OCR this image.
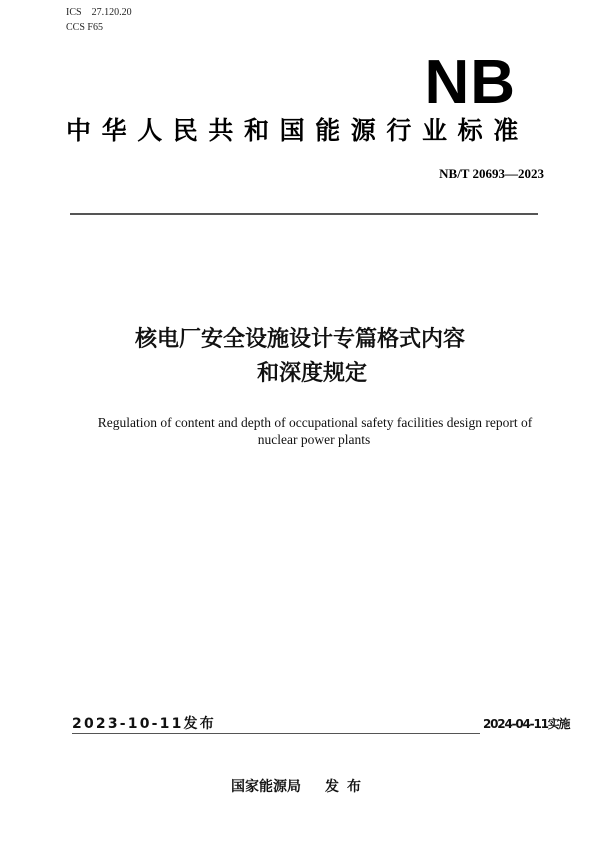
ICS 27.120.20
CCS F65
NB
中华人民共和国能源行业标准
NB/T 20693—2023
核电厂安全设施设计专篇格式内容
和深度规定
Regulation of content and depth of occupational safety facilities design report of
nuclear power plants
2023-10-11发布	2024-04-11实施
国家能源局 发布
